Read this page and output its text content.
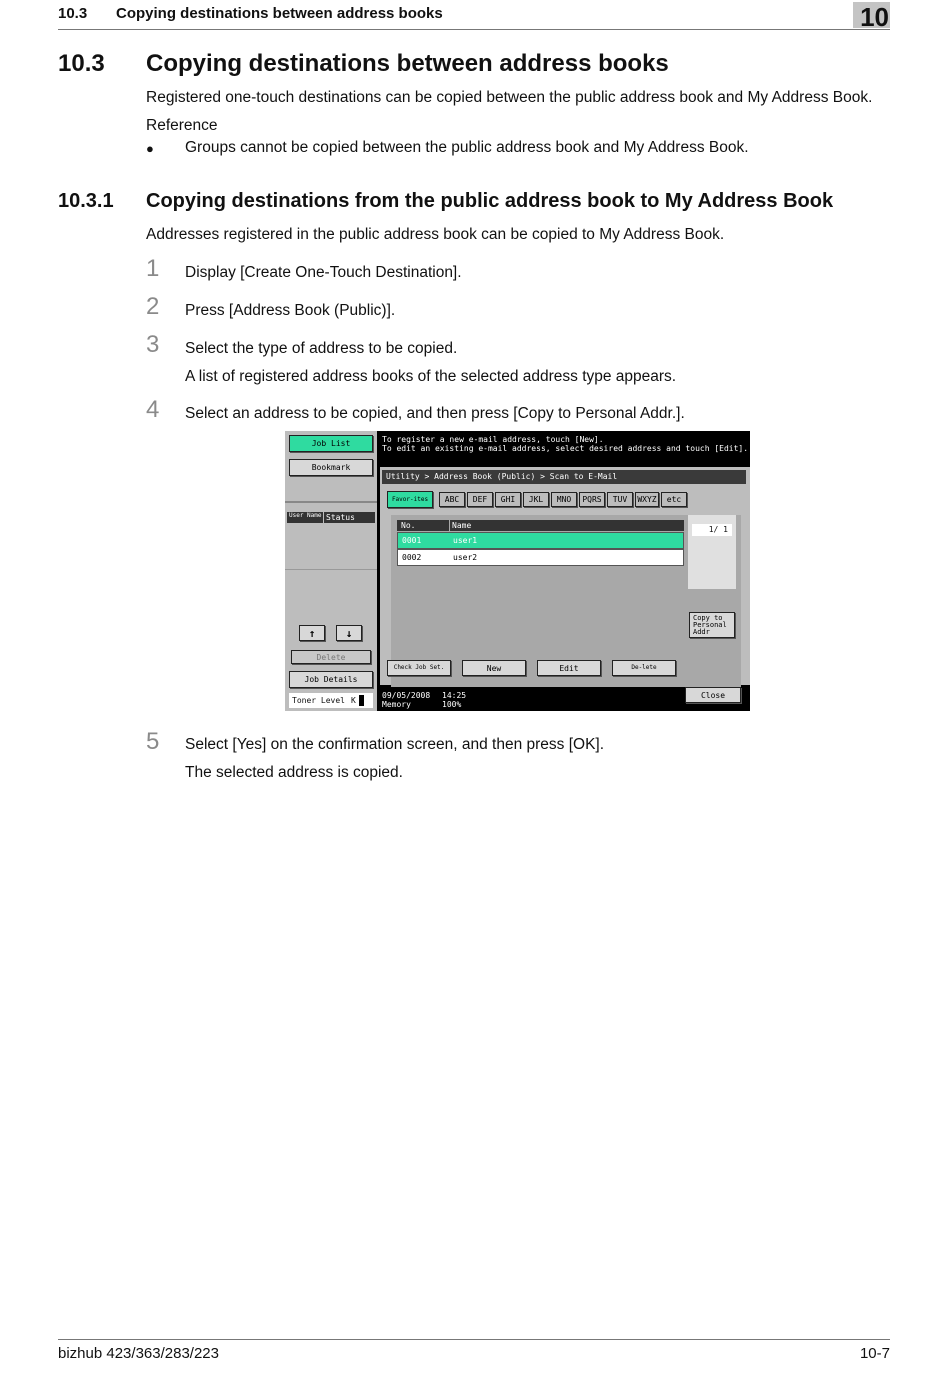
10.3 Copying destinations between address books	10
10.3 Copying destinations between address books
Registered one-touch destinations can be copied between the public address book and My Address Book.
Reference
● Groups cannot be copied between the public address book and My Address Book.
10.3.1 Copying destinations from the public address book to My Address Book
Addresses registered in the public address book can be copied to My Address Book.
1 Display [Create One-Touch Destination].
2 Press [Address Book (Public)].
3 Select the type of address to be copied.
A list of registered address books of the selected address type appears.
4 Select an address to be copied, and then press [Copy to Personal Addr.].
Job List
Bookmark
User Name Status
↑	↓
Delete
Job Details
Toner Level K
To register a new e-mail address, touch [New].
To edit an existing e-mail address, select desired address and touch [Edit].
Utility > Address Book (Public) > Scan to E-Mail
Favor-ites	ABC	DEF	GHI	JKL	MNO	PQRS	TUV	WXYZ	etc
No.	Name
0001	user1
0002	user2
1/ 1
Copy to Personal Addr
Check Job Set.	New	Edit	De-lete
09/05/2008 14:25
Memory	100%
Close
5 Select [Yes] on the confirmation screen, and then press [OK].
The selected address is copied.
bizhub 423/363/283/223	10-7
